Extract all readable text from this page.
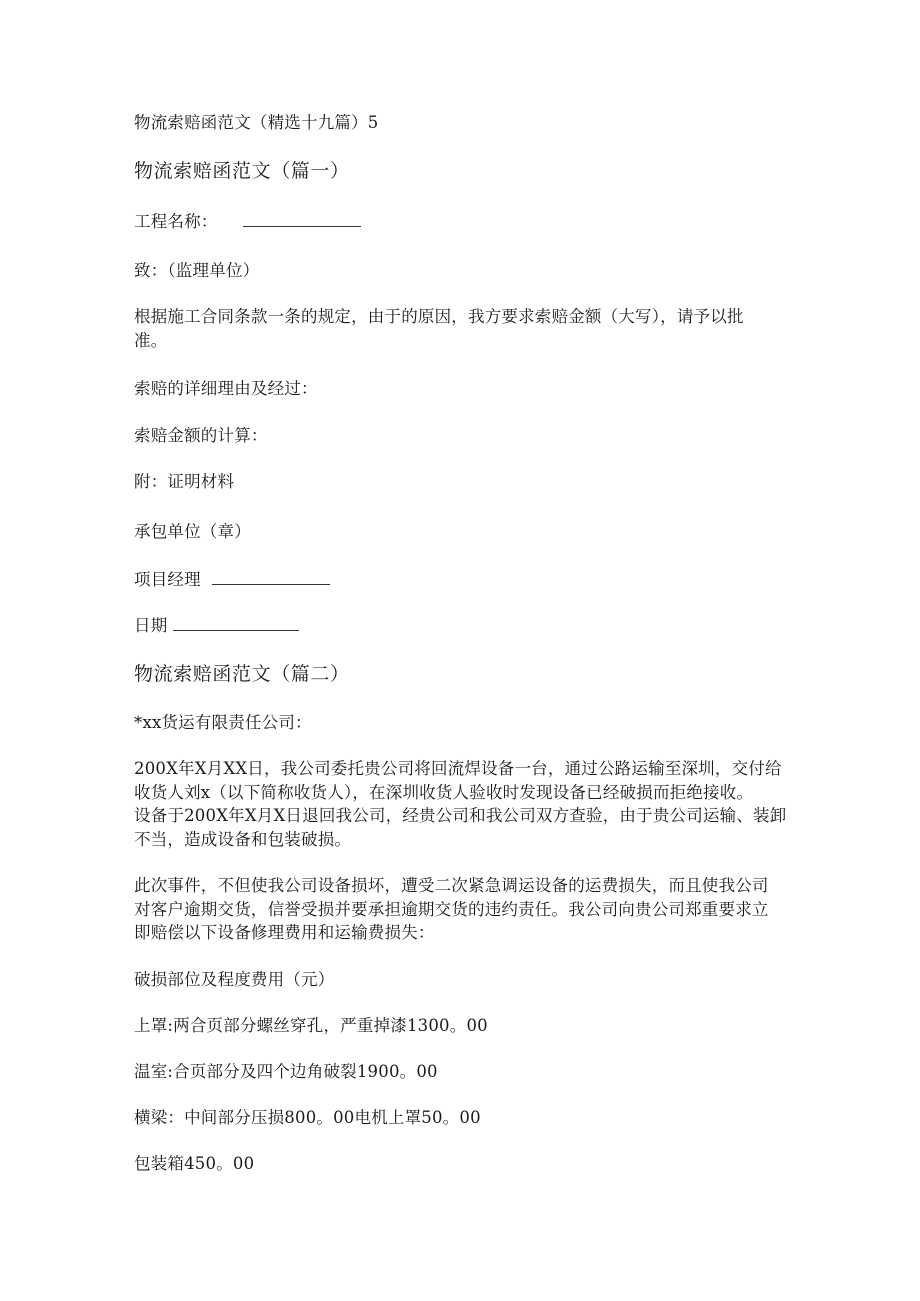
物流索赔函范文（精选十九篇）5
物流索赔函范文（篇一）
工程名称：
致：（监理单位）

根据施工合同条款一条的规定，由于的原因，我方要求索赔金额（大写），请予以批

准。

索赔的详细理由及经过：
索赔金额的计算：
附：证明材料
承包单位（章）
项目经理
日期
物流索赔函范文（篇二）
*xx货运有限责任公司：

200X年X月XX日，我公司委托贵公司将回流焊设备一台，通过公路运输至深圳，交付给

收货人刘x（以下简称收货人），在深圳收货人验收时发现设备已经破损而拒绝接收。

设备于200X年X月X日退回我公司，经贵公司和我公司双方查验，由于贵公司运输、装卸

不当，造成设备和包装破损。

此次事件，不但使我公司设备损坏，遭受二次紧急调运设备的运费损失，而且使我公司

对客户逾期交货，信誉受损并要承担逾期交货的违约责任。我公司向贵公司郑重要求立

即赔偿以下设备修理费用和运输费损失：

破损部位及程度费用（元）
上罩:两合页部分螺丝穿孔，严重掉漆1300。00
温室:合页部分及四个边角破裂1900。00
横梁：中间部分压损800。00电机上罩50。00
包装箱450。00
